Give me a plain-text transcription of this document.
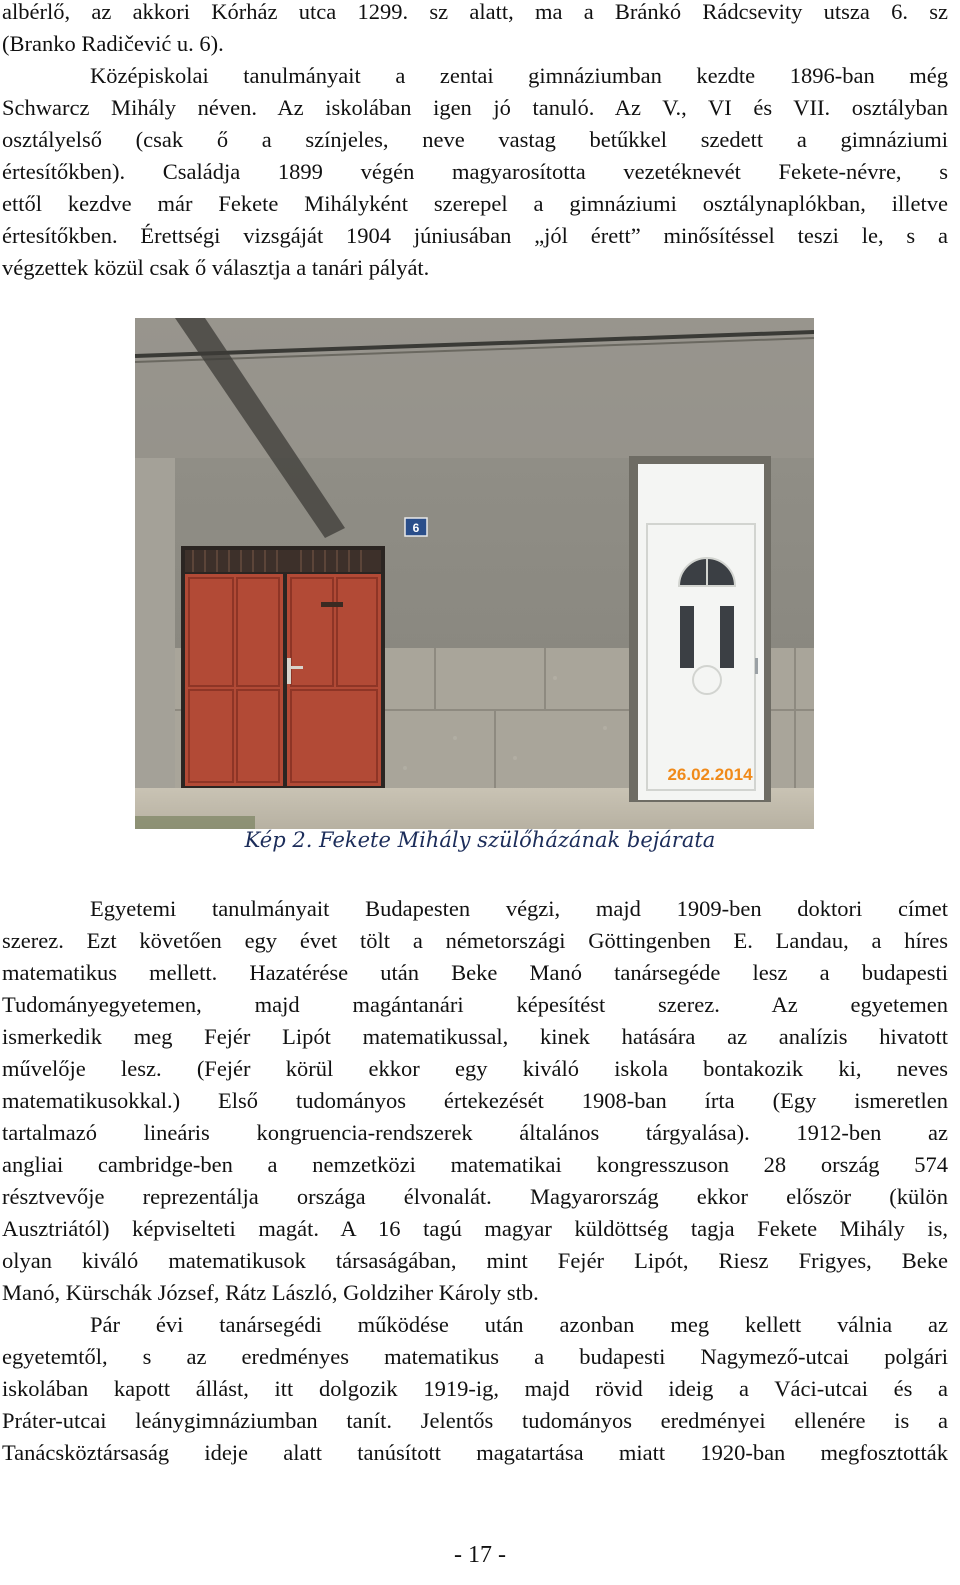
albérlő, az akkori Kórház utca 1299. sz alatt, ma a Bránkó Rádcsevity utsza 6. sz
(Branko Radičević u. 6).
Középiskolai tanulmányait a zentai gimnáziumban kezdte 1896-ban még
Schwarcz Mihály néven. Az iskolában igen jó tanuló. Az V., VI és VII. osztályban
osztályelső (csak ő a színjeles, neve vastag betűkkel szedett a gimnáziumi
értesítőkben). Családja 1899 végén magyarosította vezetéknevét Fekete-névre, s
ettől kezdve már Fekete Mihályként szerepel a gimnáziumi osztálynaplókban, illetve
értesítőkben. Érettségi vizsgáját 1904 júniusában „jól érett” minősítéssel teszi le, s a
végzettek közül csak ő választja a tanári pályát.
6
26.02.2014
Kép 2. Fekete Mihály szülőházának bejárata
Egyetemi tanulmányait Budapesten végzi, majd 1909-ben doktori címet
szerez. Ezt követően egy évet tölt a németországi Göttingenben E. Landau, a híres
matematikus mellett. Hazatérése után Beke Manó tanársegéde lesz a budapesti
Tudományegyetemen, majd magántanári képesítést szerez. Az egyetemen
ismerkedik meg Fejér Lipót matematikussal, kinek hatására az analízis hivatott
művelője lesz. (Fejér körül ekkor egy kiváló iskola bontakozik ki, neves
matematikusokkal.) Első tudományos értekezését 1908-ban írta (Egy ismeretlen
tartalmazó lineáris kongruencia-rendszerek általános tárgyalása). 1912-ben az
angliai cambridge-ben a nemzetközi matematikai kongresszuson 28 ország 574
résztvevője reprezentálja országa élvonalát. Magyarország ekkor először (külön
Ausztriától) képviselteti magát. A 16 tagú magyar küldöttség tagja Fekete Mihály is,
olyan kiváló matematikusok társaságában, mint Fejér Lipót, Riesz Frigyes, Beke
Manó, Kürschák József, Rátz László, Goldziher Károly stb.
Pár évi tanársegédi működése után azonban meg kellett válnia az
egyetemtől, s az eredményes matematikus a budapesti Nagymező-utcai polgári
iskolában kapott állást, itt dolgozik 1919-ig, majd rövid ideig a Váci-utcai és a
Práter-utcai leánygimnáziumban tanít. Jelentős tudományos eredményei ellenére is a
Tanácsköztársaság ideje alatt tanúsított magatartása miatt 1920-ban megfosztották
- 17 -
